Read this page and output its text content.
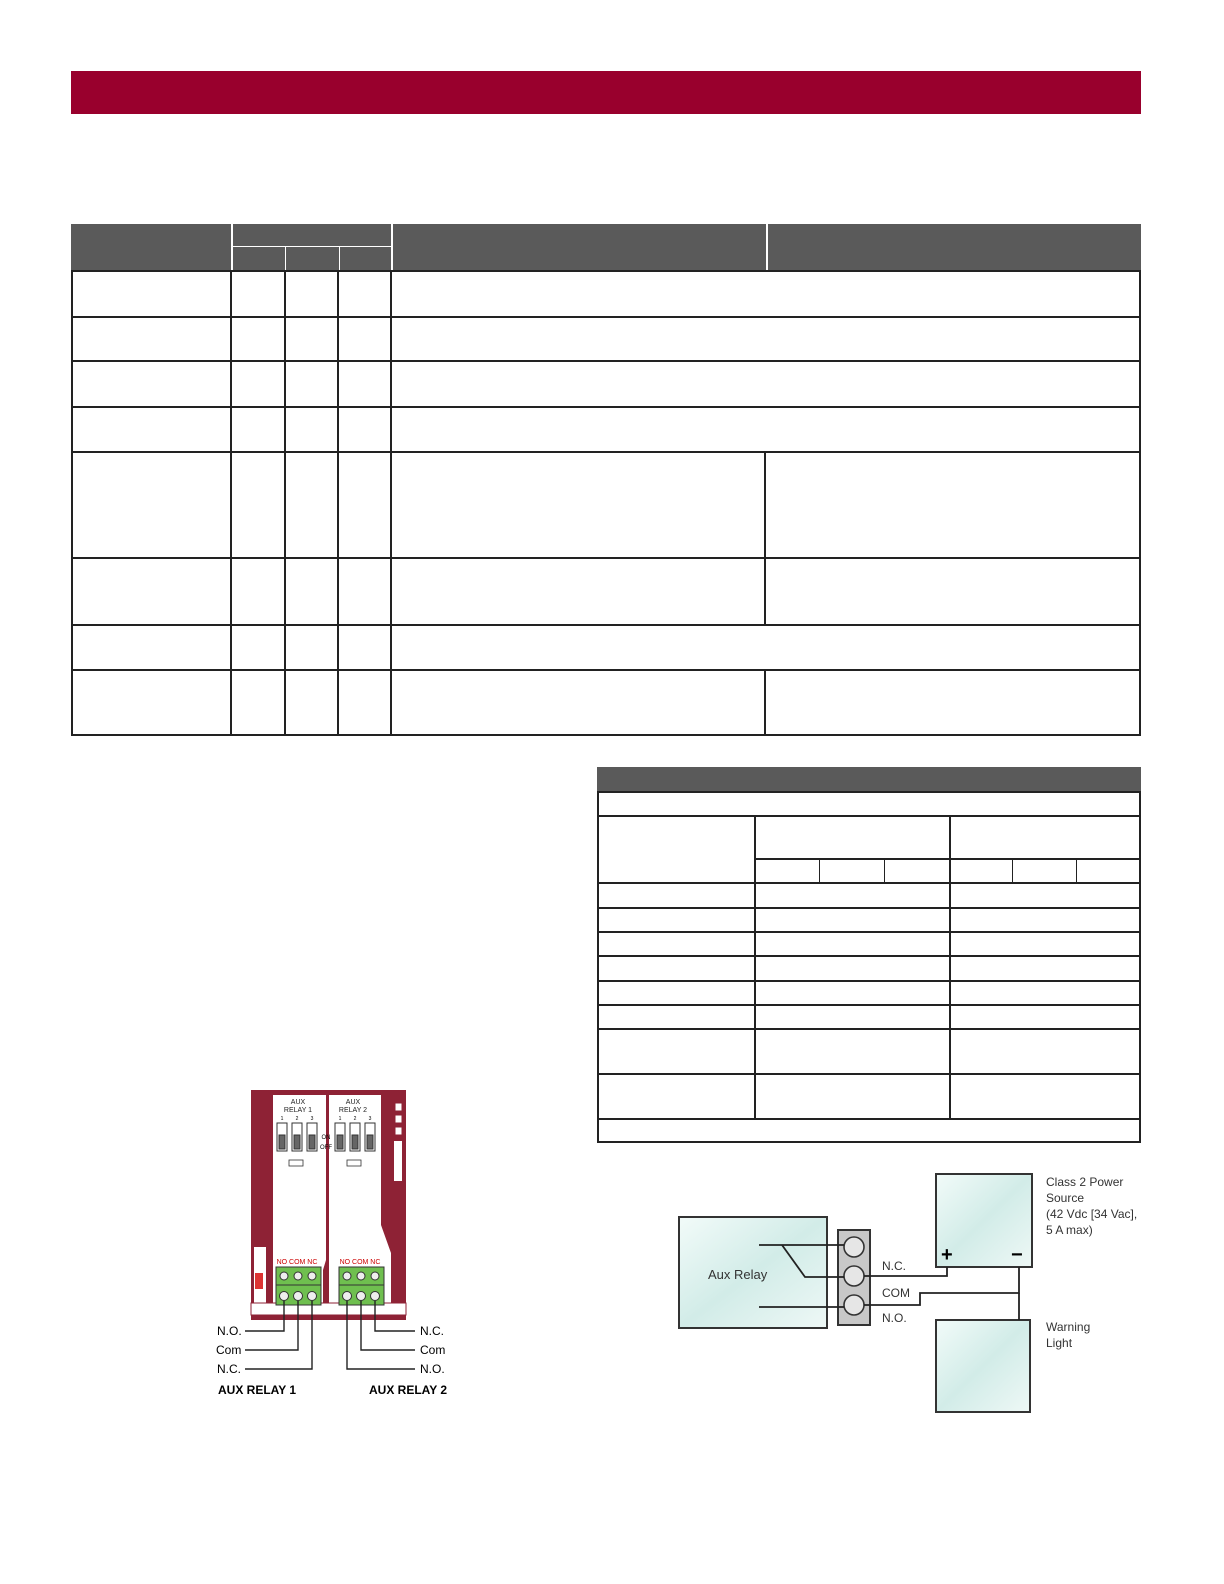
AUX
RELAY 1
AUX
RELAY 2
1 2 3	1 2 3
ON
OFF
NO COM NC	NO COM NC
N.O.
Com
N.C.
N.C.
Com
N.O.
AUX RELAY 1	AUX RELAY 2
Aux Relay
+	−
Class 2 Power
Source
(42 Vdc [34 Vac],
5 A max)
Warning
Light
N.C.
COM
N.O.
